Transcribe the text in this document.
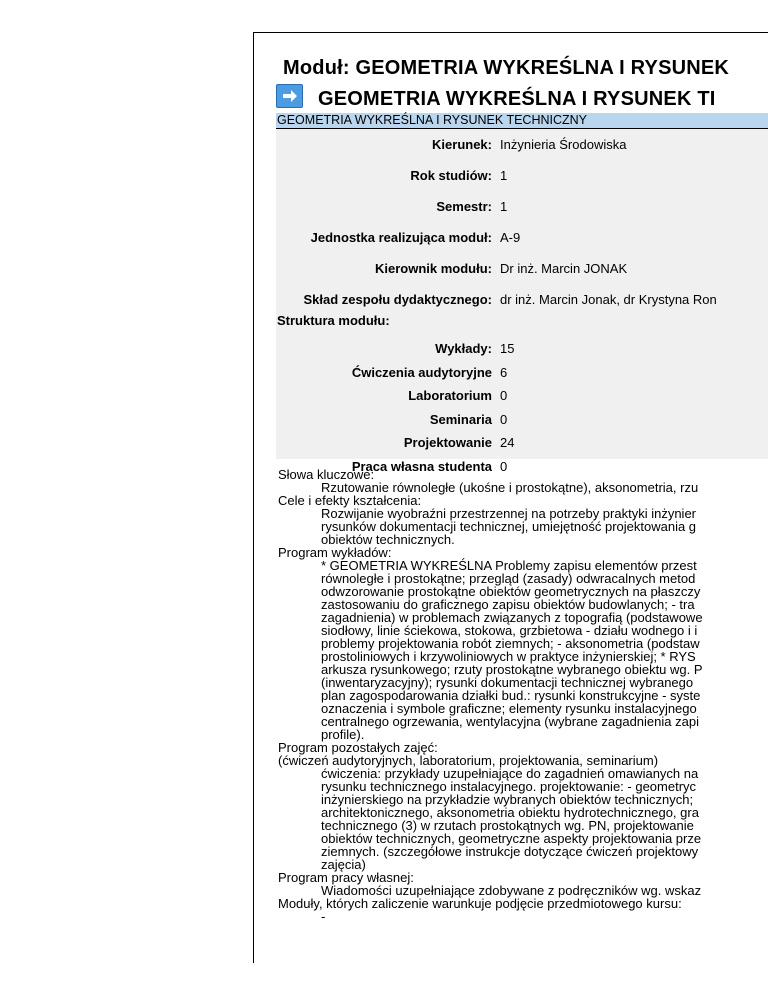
Moduł: GEOMETRIA WYKREŚLNA I RYSUNEK
GEOMETRIA WYKREŚLNA I RYSUNEK TI
GEOMETRIA WYKREŚLNA I RYSUNEK TECHNICZNY
Kierunek: Inżynieria Środowiska
Rok studiów: 1
Semestr: 1
Jednostka realizująca moduł: A-9
Kierownik modułu: Dr inż. Marcin JONAK
Skład zespołu dydaktycznego: dr inż. Marcin Jonak, dr Krystyna Ron
Struktura modułu:
Wykłady: 15
Ćwiczenia audytoryjne 6
Laboratorium 0
Seminaria 0
Projektowanie 24
Praca własna studenta 0
Słowa kluczowe:
Rzutowanie równoległe (ukośne i prostokątne), aksonometria, rzu
Cele i efekty kształcenia:
Rozwijanie wyobraźni przestrzennej na potrzeby praktyki inżynier
rysunków dokumentacji technicznej, umiejętność projektowania g
obiektów technicznych.
Program wykładów:
* GEOMETRIA WYKREŚLNA Problemy zapisu elementów przest
równoległe i prostokątne; przegląd (zasady) odwracalnych metod
odwzorowanie prostokątne obiektów geometrycznych na płaszczy
zastosowaniu do graficznego zapisu obiektów budowlanych; - tra
zagadnienia) w problemach związanych z topografią (podstawowe
siodłowy, linie ściekowa, stokowa, grzbietowa - działu wodnego i i
problemy projektowania robót ziemnych; - aksonometria (podstaw
prostoliniowych i krzywoliniowych w praktyce inżynierskiej; * RYS
arkusza rysunkowego; rzuty prostokątne wybranego obiektu wg. P
(inwentaryzacyjny); rysunki dokumentacji technicznej wybranego
plan zagospodarowania działki bud.: rysunki konstrukcyjne - syste
oznaczenia i symbole graficzne; elementy rysunku instalacyjnego
centralnego ogrzewania, wentylacyjna (wybrane zagadnienia zapi
profile).
Program pozostałych zajęć:
(ćwiczeń audytoryjnych, laboratorium, projektowania, seminarium)
ćwiczenia: przykłady uzupełniające do zagadnień omawianych na
rysunku technicznego instalacyjnego. projektowanie: - geometryc
inżynierskiego na przykładzie wybranych obiektów technicznych;
architektonicznego, aksonometria obiektu hydrotechnicznego, gra
technicznego (3) w rzutach prostokątnych wg. PN, projektowanie
obiektów technicznych, geometryczne aspekty projektowania prze
ziemnych. (szczegółowe instrukcje dotyczące ćwiczeń projektowy
zajęcia)
Program pracy własnej:
Wiadomości uzupełniające zdobywane z podręczników wg. wskaz
Moduły, których zaliczenie warunkuje podjęcie przedmiotowego kursu:
-
